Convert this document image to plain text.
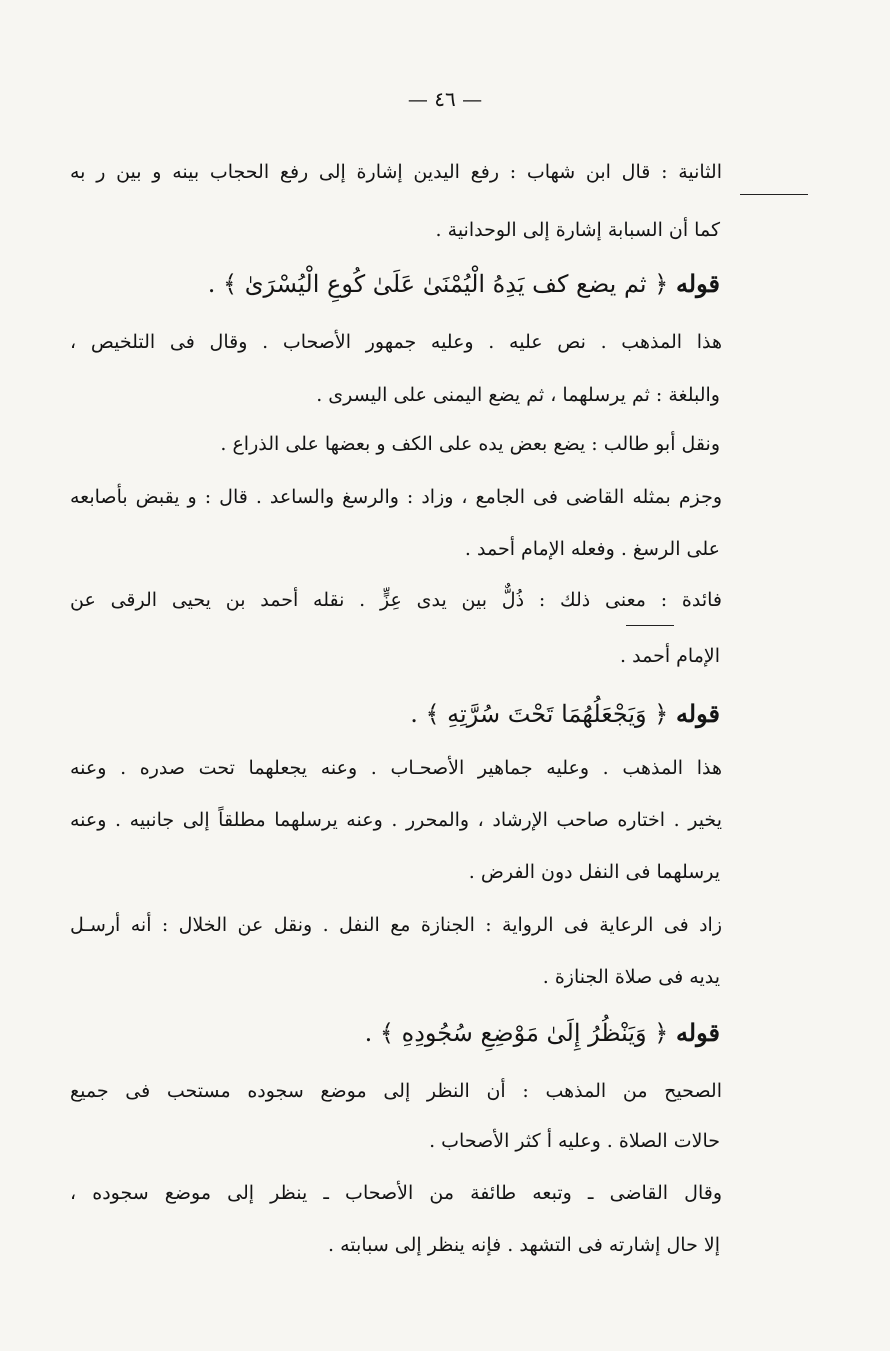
— ٤٦ —
الثانية : قال ابن شهاب : رفع اليدين إشارة إلى رفع الحجاب بينه و بين ر به
كما أن السبابة إشارة إلى الوحدانية .
قوله ﴿ ثم يضع كف يَدِهُ الْيُمْنَىٰ عَلَىٰ كُوعِ الْيُسْرَىٰ ﴾ .
هذا المذهب . نص عليه . وعليه جمهور الأصحاب . وقال فى التلخيص ،
والبلغة : ثم يرسلهما ، ثم يضع اليمنى على اليسرى .
ونقل أبو طالب : يضع بعض يده على الكف و بعضها على الذراع .
وجزم بمثله القاضى فى الجامع ، وزاد : والرسغ والساعد . قال : و يقبض بأصابعه
على الرسغ . وفعله الإمام أحمد .
فائدة : معنى ذلك : ذُلٌّ بين يدى عِزٍّ . نقله أحمد بن يحيى الرقى عن
الإمام أحمد .
قوله ﴿ وَيَجْعَلُهُمَا تَحْتَ سُرَّتِهِ ﴾ .
هذا المذهب . وعليه جماهير الأصحـاب . وعنه يجعلهما تحت صدره . وعنه
يخير . اختاره صاحب الإرشاد ، والمحرر . وعنه يرسلهما مطلقاً إلى جانبيه . وعنه
يرسلهما فى النفل دون الفرض .
زاد فى الرعاية فى الرواية : الجنازة مع النفل . ونقل عن الخلال : أنه أرسـل
يديه فى صلاة الجنازة .
قوله ﴿ وَيَنْظُرُ إِلَىٰ مَوْضِعِ سُجُودِهِ ﴾ .
الصحيح من المذهب : أن النظر إلى موضع سجوده مستحب فى جميع
حالات الصلاة . وعليه أ كثر الأصحاب .
وقال القاضى ـ وتبعه طائفة من الأصحاب ـ ينظر إلى موضع سجوده ،
إلا حال إشارته فى التشهد . فإنه ينظر إلى سبابته .
